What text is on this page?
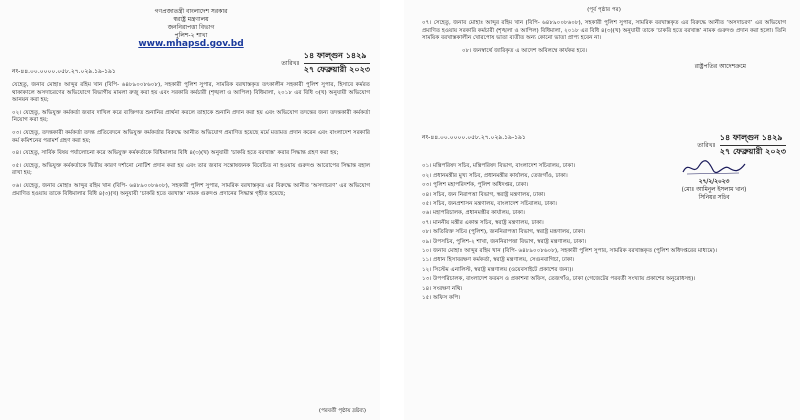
গণপ্রজাতন্ত্রী বাংলাদেশ সরকার
স্বরাষ্ট্র মন্ত্রণালয়
জননিরাপত্তা বিভাগ
পুলিশ-২ শাখা
www.mhapsd.gov.bd
নং-৪৪.০০.০০০০.০৫৮.২৭.০২৯.১৯-১৯১
তারিখঃ
১৪ ফাল্গুন ১৪২৯
২৭ ফেব্রুয়ারী ২০২৩
যেহেতু, জনাব মোহাঃ আব্দুর রহিম খান (বিপি- ৬৪৮৯০০৮৬০৮), সহকারী পুলিশ সুপার, সামরিক বরখাস্তকৃত তৎকালীন সহকারী পুলিশ সুপার, হিসাবে কর্মরত থাকাকালে অসদাচরণের অভিযোগে বিভাগীয় মামলা রুজু করা হয় এবং সরকারি কর্মচারী (শৃঙ্খলা ও আপিল) বিধিমালা, ২০১৮ এর বিধি ৩(খ) অনুযায়ী অভিযোগ আনয়ন করা হয়;
০২। যেহেতু, অভিযুক্ত কর্মকর্তা জবাব দাখিল করে ব্যক্তিগত শুনানির প্রার্থনা করলে তাহাকে শুনানি প্রদান করা হয় এবং অভিযোগ তদন্তের জন্য তদন্তকারী কর্মকর্তা নিয়োগ করা হয়;
০৩। যেহেতু, তদন্তকারী কর্মকর্তা তদন্ত প্রতিবেদনে অভিযুক্ত কর্মকর্তার বিরুদ্ধে আনীত অভিযোগ প্রমাণিত হয়েছে মর্মে মতামত প্রদান করেন এবং বাংলাদেশ সরকারি কর্ম কমিশনের পরামর্শ গ্রহণ করা হয়;
০৪। যেহেতু, সার্বিক বিষয় পর্যালোচনা করে অভিযুক্ত কর্মকর্তাকে বিধিমালার বিধি ৪(৩)(খ) অনুযায়ী ‘চাকরি হতে বরখাস্ত’ করার সিদ্ধান্ত গ্রহণ করা হয়;
০৫। যেহেতু, অভিযুক্ত কর্মকর্তাকে দ্বিতীয় কারণ দর্শানো নোটিশ প্রদান করা হয় এবং তার জবাব সন্তোষজনক বিবেচিত না হওয়ায় গুরুদণ্ড আরোপের সিদ্ধান্ত বহাল রাখা হয়;
০৬। যেহেতু, জনাব মোহাঃ আব্দুর রহিম খান (বিপি- ৬৪৮৯০০৮৬০৮), সহকারী পুলিশ সুপার, সামরিক বরখাস্তকৃত এর বিরুদ্ধে আনীত ‘অসদাচরণ’ এর অভিযোগ প্রমাণিত হওয়ায় তাকে বিধিমালার বিধি ৪(৩)(খ) অনুযায়ী ‘চাকরি হতে বরখাস্ত’ নামক গুরুদণ্ড প্রদানের সিদ্ধান্ত গৃহীত হয়েছে;
(পরবর্তী পৃষ্ঠায় দ্রষ্টব্য)
(পূর্ব পৃষ্ঠার পর)
০৭। সেহেতু, জনাব মোহাঃ আব্দুর রহিম খান (বিপি- ৬৪৮৯০০৮৬০৮), সহকারী পুলিশ সুপার, সামরিক বরখাস্তকৃত এর বিরুদ্ধে আনীত ‘অসদাচরণ’ এর অভিযোগ প্রমাণিত হওয়ায় সরকারি কর্মচারী (শৃঙ্খলা ও আপিল) বিধিমালা, ২০১৮ এর বিধি ৪(৩)(খ) অনুযায়ী তাকে ‘চাকরি হতে বরখাস্ত’ নামক গুরুদণ্ড প্রদান করা হলো। তিনি সাময়িক বরখাস্তকালীন খোরপোষ ভাতা ব্যতীত অন্য কোনো ভাতা প্রাপ্য হবেন না।
০৮। জনস্বার্থে জারিকৃত এ আদেশ অবিলম্বে কার্যকর হবে।
রাষ্ট্রপতির আদেশক্রমে
২৭/২/২০২৩
(মোঃ আমিনুল ইসলাম খান)
সিনিয়র সচিব
নং-৪৪.০০.০০০০.০৫৮.২৭.০২৯.১৯-১৯১
তারিখঃ
১৪ ফাল্গুন ১৪২৯
২৭ ফেব্রুয়ারী ২০২৩
০১। মন্ত্রিপরিষদ সচিব, মন্ত্রিপরিষদ বিভাগ, বাংলাদেশ সচিবালয়, ঢাকা।
০২। প্রধানমন্ত্রীর মুখ্য সচিব, প্রধানমন্ত্রীর কার্যালয়, তেজগাঁও, ঢাকা।
০৩। পুলিশ মহাপরিদর্শক, পুলিশ অধিদপ্তর, ঢাকা।
০৪। সচিব, জন নিরাপত্তা বিভাগ, স্বরাষ্ট্র মন্ত্রণালয়, ঢাকা।
০৫। সচিব, জনপ্রশাসন মন্ত্রণালয়, বাংলাদেশ সচিবালয়, ঢাকা।
০৬। মহাপরিচালক, প্রধানমন্ত্রীর কার্যালয়, ঢাকা।
০৭। মাননীয় মন্ত্রীর একান্ত সচিব, স্বরাষ্ট্র মন্ত্রণালয়, ঢাকা।
০৮। অতিরিক্ত সচিব (পুলিশ), জননিরাপত্তা বিভাগ, স্বরাষ্ট্র মন্ত্রণালয়, ঢাকা।
০৯। উপসচিব, পুলিশ-২ শাখা, জননিরাপত্তা বিভাগ, স্বরাষ্ট্র মন্ত্রণালয়, ঢাকা।
১০। জনাব মোহাঃ আব্দুর রহিম খান (বিপি- ৬৪৮৯০০৮৬০৮), সহকারী পুলিশ সুপার, সামরিক বরখাস্তকৃত (পুলিশ অধিদপ্তরের মাধ্যমে)।
১১। প্রধান হিসাবরক্ষণ কর্মকর্তা, স্বরাষ্ট্র মন্ত্রণালয়, সেগুনবাগিচা, ঢাকা।
১২। সিস্টেম এনালিস্ট, স্বরাষ্ট্র মন্ত্রণালয় (ওয়েবসাইটে প্রকাশের জন্য)।
১৩। উপপরিচালক, বাংলাদেশ ফরমস ও প্রকাশনা অফিস, তেজগাঁও, ঢাকা (গেজেটের পরবর্তী সংখ্যায় প্রকাশের অনুরোধসহ)।
১৪। সংরক্ষণ নথি।
১৫। অফিস কপি।
